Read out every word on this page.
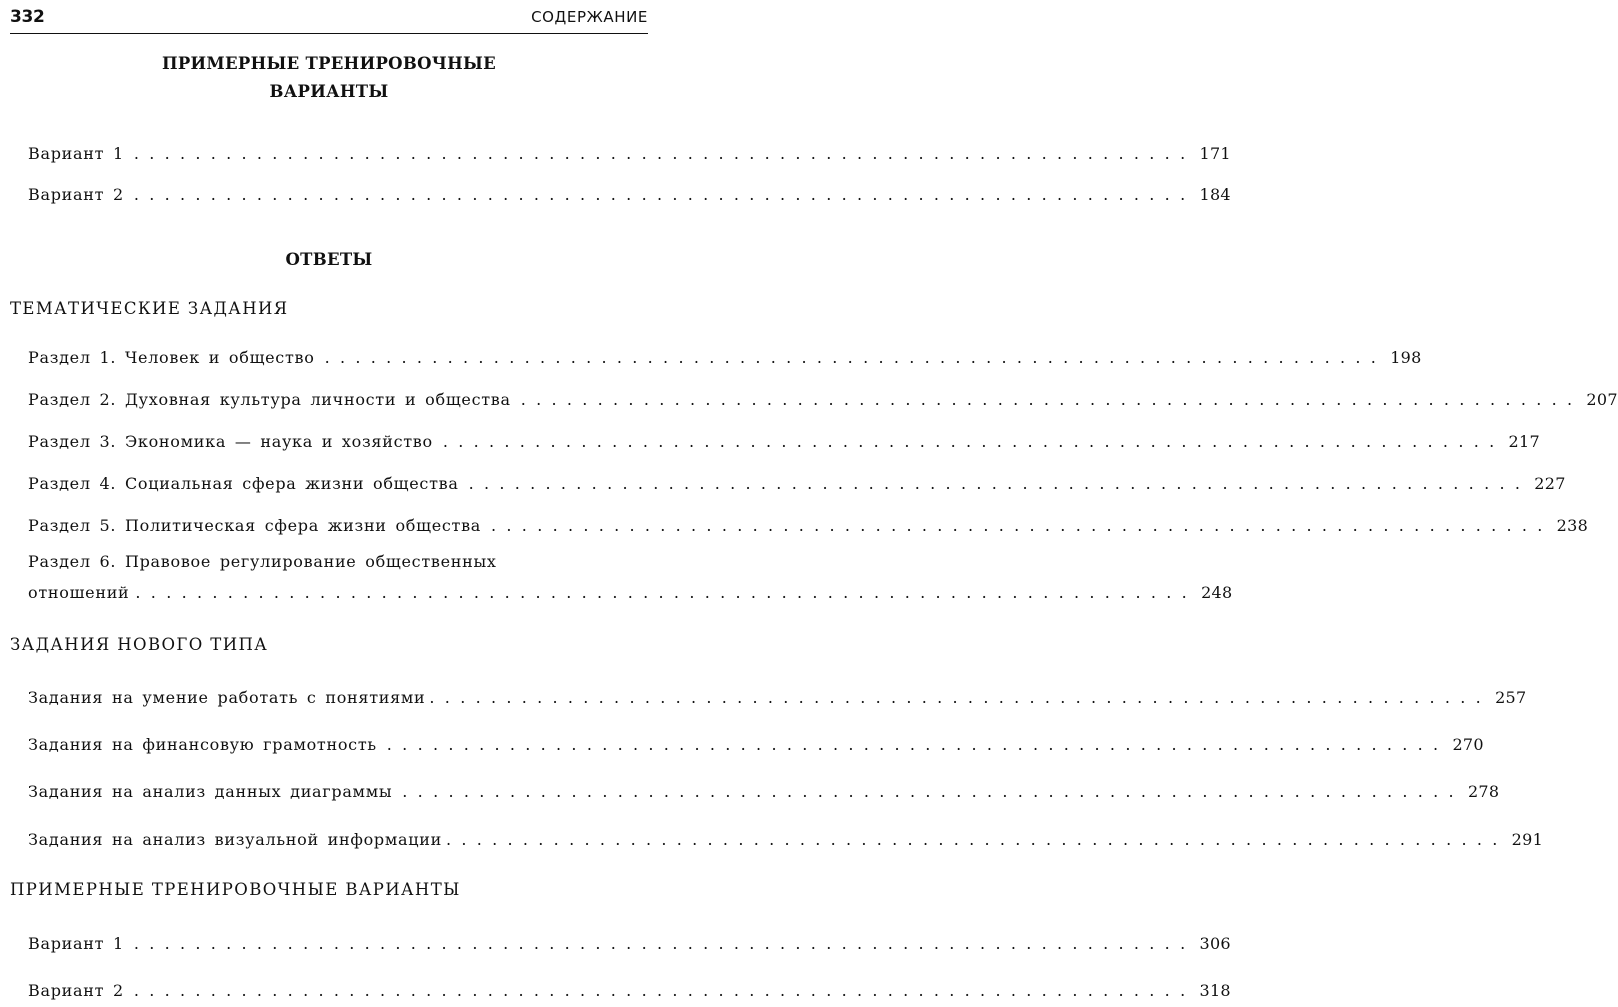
332	СОДЕРЖАНИЕ
ПРИМЕРНЫЕ ТРЕНИРОВОЧНЫЕ
ВАРИАНТЫ
Вариант 1 ..................................................................... 171
Вариант 2 ..................................................................... 184
ОТВЕТЫ
ТЕМАТИЧЕСКИЕ ЗАДАНИЯ
Раздел 1. Человек и общество ..................................................................... 198
Раздел 2. Духовная культура личности и общества ..................................................................... 207
Раздел 3. Экономика — наука и хозяйство ..................................................................... 217
Раздел 4. Социальная сфера жизни общества ..................................................................... 227
Раздел 5. Политическая сфера жизни общества ..................................................................... 238
Раздел 6. Правовое регулирование общественных
отношений ..................................................................... 248
ЗАДАНИЯ НОВОГО ТИПА
Задания на умение работать с понятиями ..................................................................... 257
Задания на финансовую грамотность ..................................................................... 270
Задания на анализ данных диаграммы ..................................................................... 278
Задания на анализ визуальной информации ..................................................................... 291
ПРИМЕРНЫЕ ТРЕНИРОВОЧНЫЕ ВАРИАНТЫ
Вариант 1 ..................................................................... 306
Вариант 2 ..................................................................... 318
